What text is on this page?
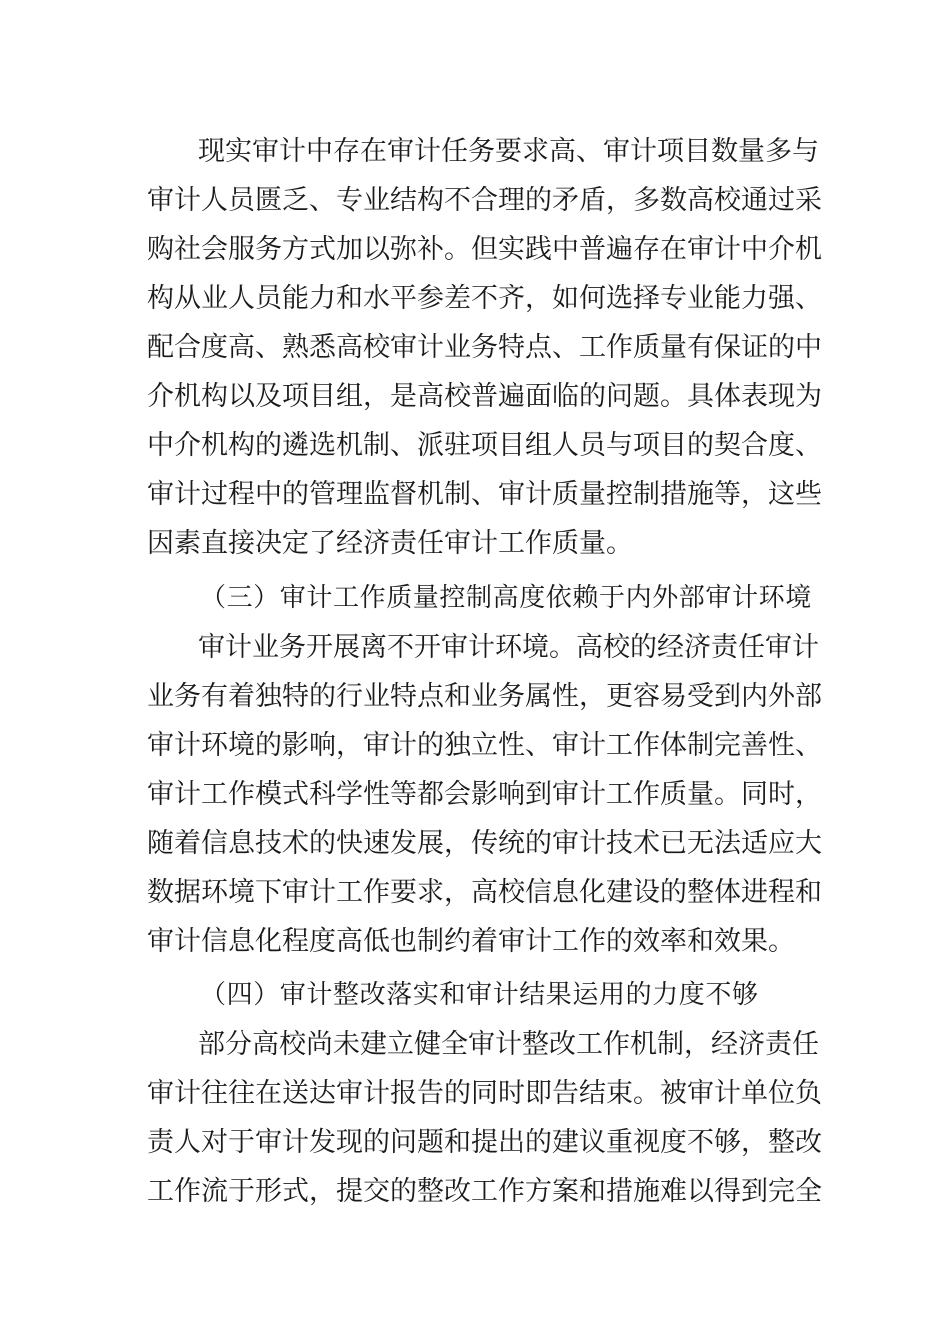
现实审计中存在审计任务要求高、审计项目数量多与
审计人员匮乏、专业结构不合理的矛盾，多数高校通过采
购社会服务方式加以弥补。但实践中普遍存在审计中介机
构从业人员能力和水平参差不齐，如何选择专业能力强、
配合度高、熟悉高校审计业务特点、工作质量有保证的中
介机构以及项目组，是高校普遍面临的问题。具体表现为
中介机构的遴选机制、派驻项目组人员与项目的契合度、
审计过程中的管理监督机制、审计质量控制措施等，这些
因素直接决定了经济责任审计工作质量。
（三）审计工作质量控制高度依赖于内外部审计环境
审计业务开展离不开审计环境。高校的经济责任审计
业务有着独特的行业特点和业务属性，更容易受到内外部
审计环境的影响，审计的独立性、审计工作体制完善性、
审计工作模式科学性等都会影响到审计工作质量。同时，
随着信息技术的快速发展，传统的审计技术已无法适应大
数据环境下审计工作要求，高校信息化建设的整体进程和
审计信息化程度高低也制约着审计工作的效率和效果。
（四）审计整改落实和审计结果运用的力度不够
部分高校尚未建立健全审计整改工作机制，经济责任
审计往往在送达审计报告的同时即告结束。被审计单位负
责人对于审计发现的问题和提出的建议重视度不够，整改
工作流于形式，提交的整改工作方案和措施难以得到完全
